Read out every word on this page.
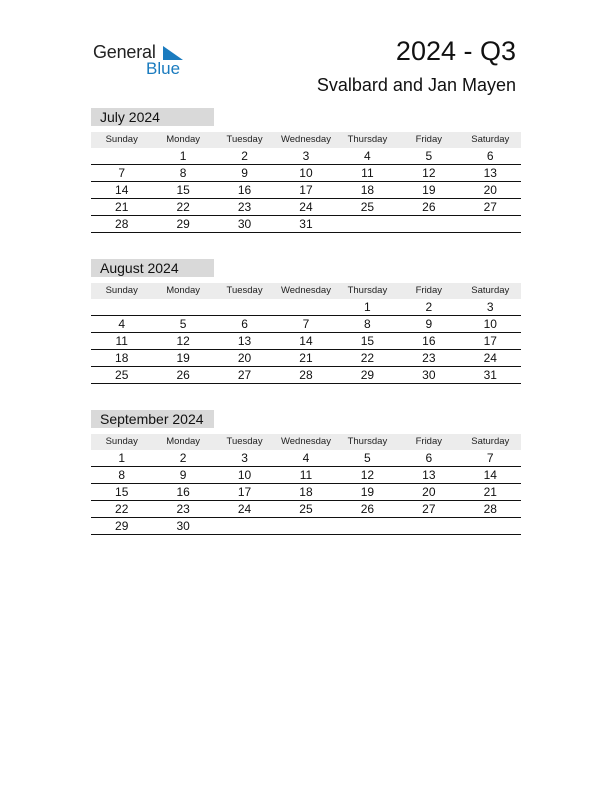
General
Blue
2024 - Q3
Svalbard and Jan Mayen
July 2024
Sunday	Monday	Tuesday	Wednesday	Thursday	Friday	Saturday
	1	2	3	4	5	6
7	8	9	10	11	12	13
14	15	16	17	18	19	20
21	22	23	24	25	26	27
28	29	30	31			
August 2024
Sunday	Monday	Tuesday	Wednesday	Thursday	Friday	Saturday
				1	2	3
4	5	6	7	8	9	10
11	12	13	14	15	16	17
18	19	20	21	22	23	24
25	26	27	28	29	30	31
September 2024
Sunday	Monday	Tuesday	Wednesday	Thursday	Friday	Saturday
1	2	3	4	5	6	7
8	9	10	11	12	13	14
15	16	17	18	19	20	21
22	23	24	25	26	27	28
29	30					
